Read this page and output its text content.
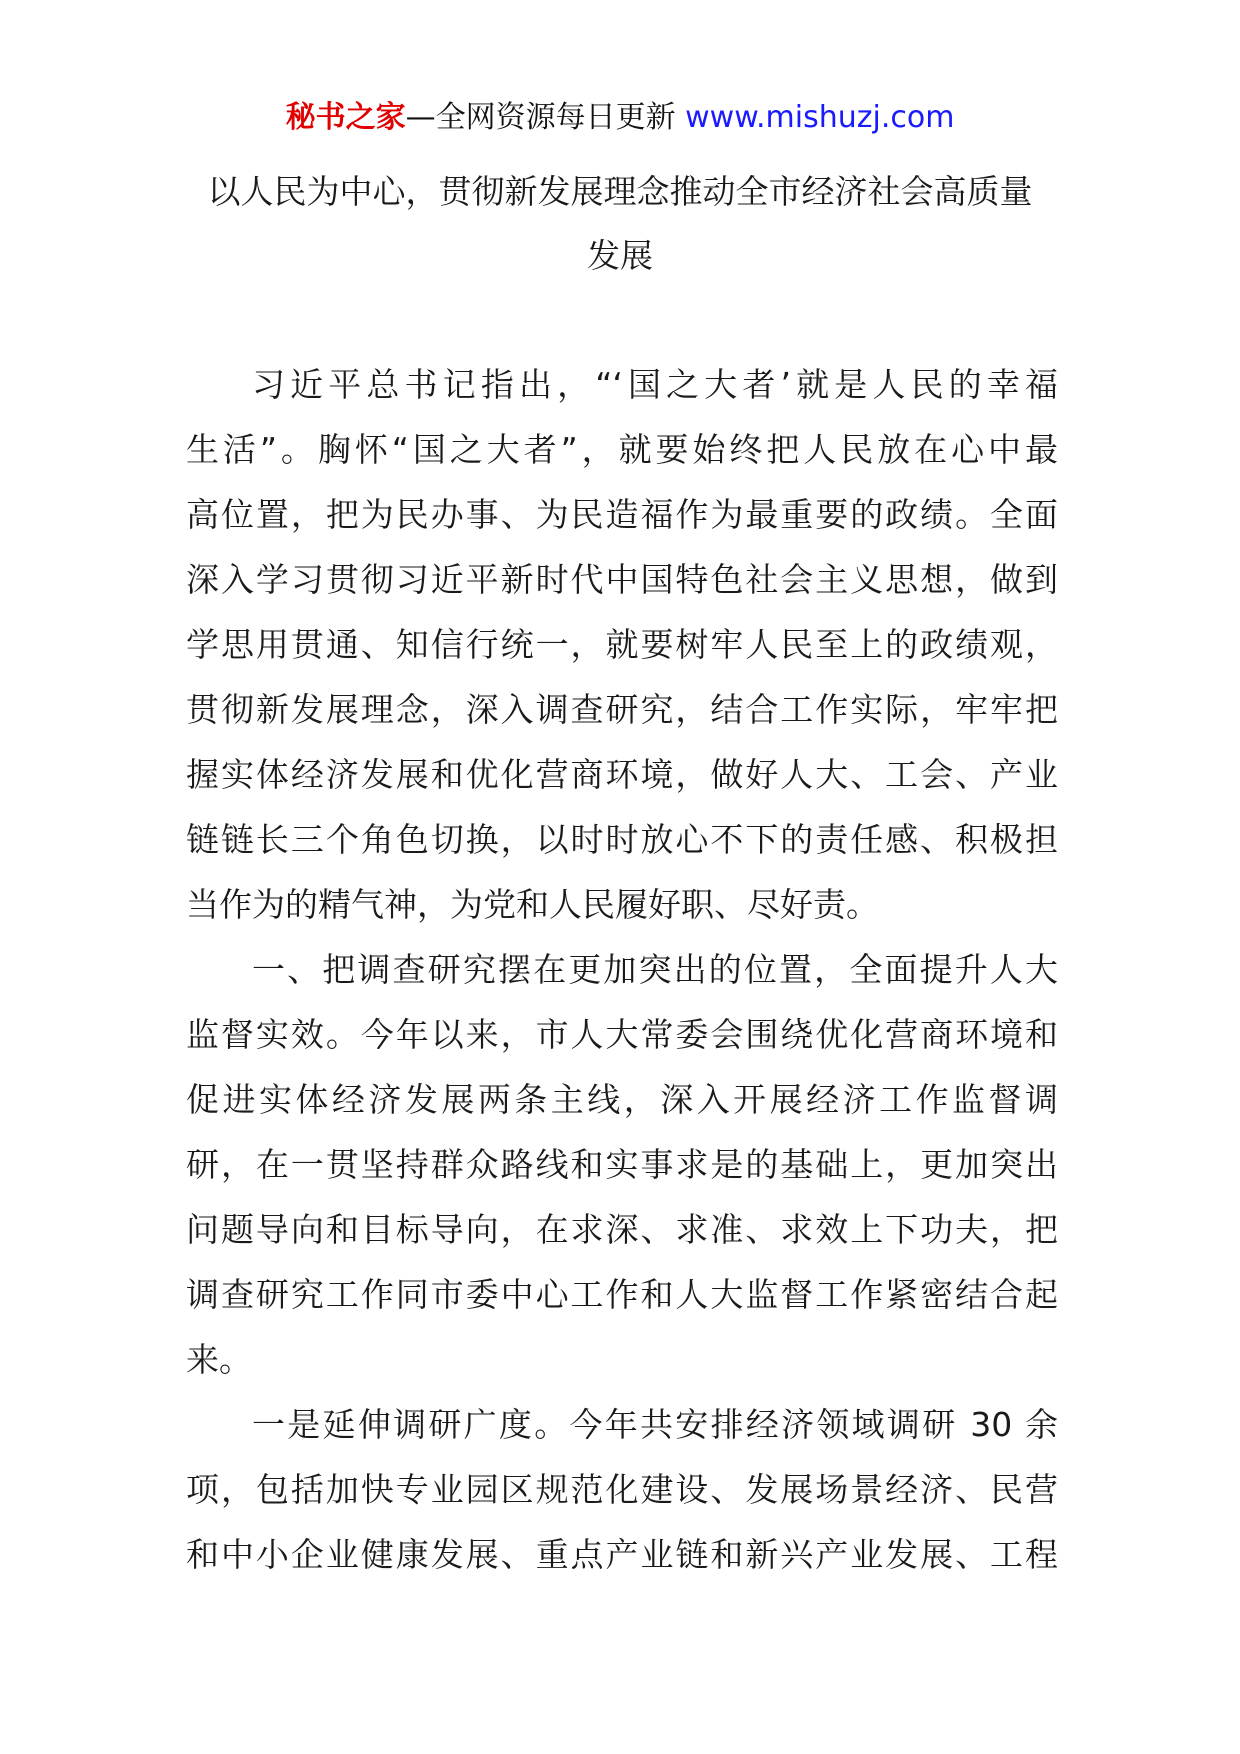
秘书之家—全网资源每日更新 www.mishuzj.com
以人民为中心，贯彻新发展理念推动全市经济社会高质量
发展
习近平总书记指出，“‘国之大者’就是人民的幸福
生活”。胸怀“国之大者”，就要始终把人民放在心中最
高位置，把为民办事、为民造福作为最重要的政绩。全面
深入学习贯彻习近平新时代中国特色社会主义思想，做到
学思用贯通、知信行统一，就要树牢人民至上的政绩观，
贯彻新发展理念，深入调查研究，结合工作实际，牢牢把
握实体经济发展和优化营商环境，做好人大、工会、产业
链链长三个角色切换，以时时放心不下的责任感、积极担
当作为的精气神，为党和人民履好职、尽好责。
一、把调查研究摆在更加突出的位置，全面提升人大
监督实效。今年以来，市人大常委会围绕优化营商环境和
促进实体经济发展两条主线，深入开展经济工作监督调
研，在一贯坚持群众路线和实事求是的基础上，更加突出
问题导向和目标导向，在求深、求准、求效上下功夫，把
调查研究工作同市委中心工作和人大监督工作紧密结合起
来。
一是延伸调研广度。今年共安排经济领域调研 30 余
项，包括加快专业园区规范化建设、发展场景经济、民营
和中小企业健康发展、重点产业链和新兴产业发展、工程
